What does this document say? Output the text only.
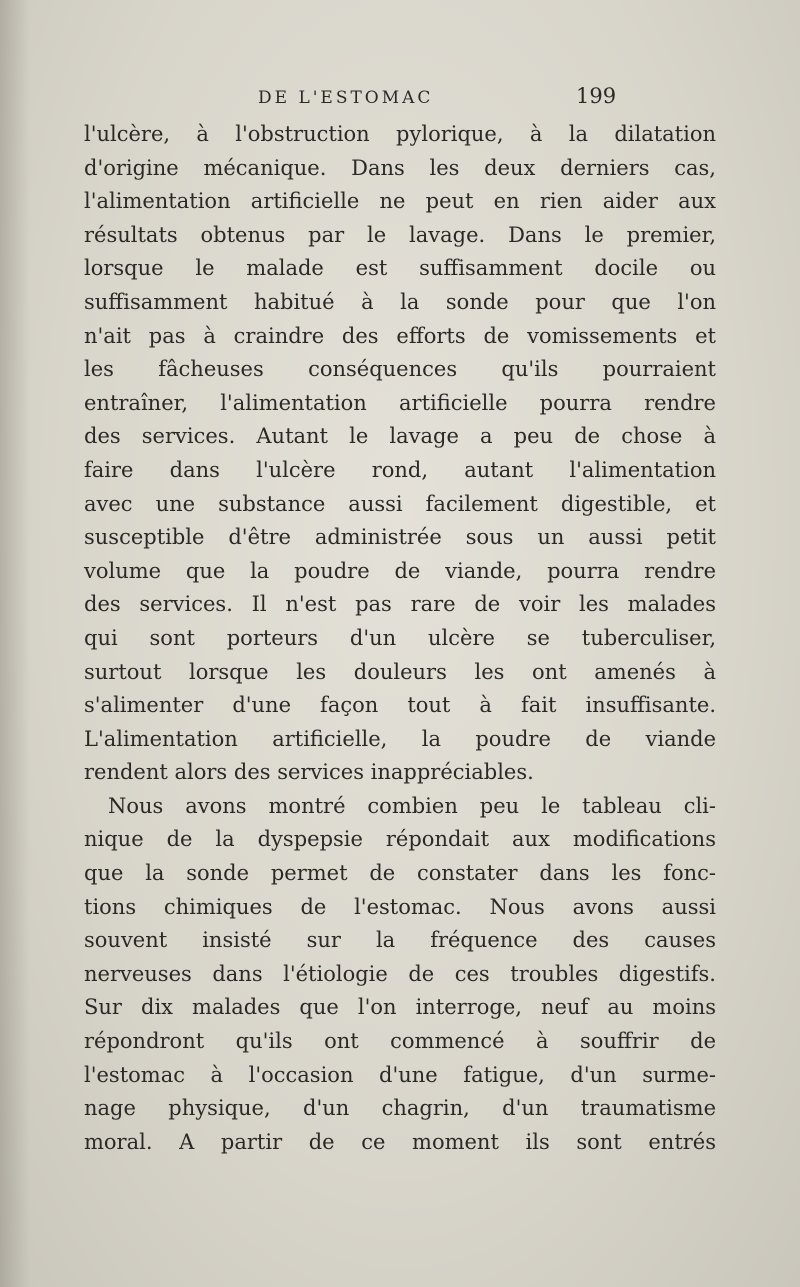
DE L'ESTOMAC	199
l'ulcère, à l'obstruction pylorique, à la dilatation
d'origine mécanique. Dans les deux derniers cas,
l'alimentation artificielle ne peut en rien aider aux
résultats obtenus par le lavage. Dans le premier,
lorsque le malade est suffisamment docile ou
suffisamment habitué à la sonde pour que l'on
n'ait pas à craindre des efforts de vomissements et
les fâcheuses conséquences qu'ils pourraient
entraîner, l'alimentation artificielle pourra rendre
des services. Autant le lavage a peu de chose à
faire dans l'ulcère rond, autant l'alimentation
avec une substance aussi facilement digestible, et
susceptible d'être administrée sous un aussi petit
volume que la poudre de viande, pourra rendre
des services. Il n'est pas rare de voir les malades
qui sont porteurs d'un ulcère se tuberculiser,
surtout lorsque les douleurs les ont amenés à
s'alimenter d'une façon tout à fait insuffisante.
L'alimentation artificielle, la poudre de viande
rendent alors des services inappréciables.
Nous avons montré combien peu le tableau cli-
nique de la dyspepsie répondait aux modifications
que la sonde permet de constater dans les fonc-
tions chimiques de l'estomac. Nous avons aussi
souvent insisté sur la fréquence des causes
nerveuses dans l'étiologie de ces troubles digestifs.
Sur dix malades que l'on interroge, neuf au moins
répondront qu'ils ont commencé à souffrir de
l'estomac à l'occasion d'une fatigue, d'un surme-
nage physique, d'un chagrin, d'un traumatisme
moral. A partir de ce moment ils sont entrés
